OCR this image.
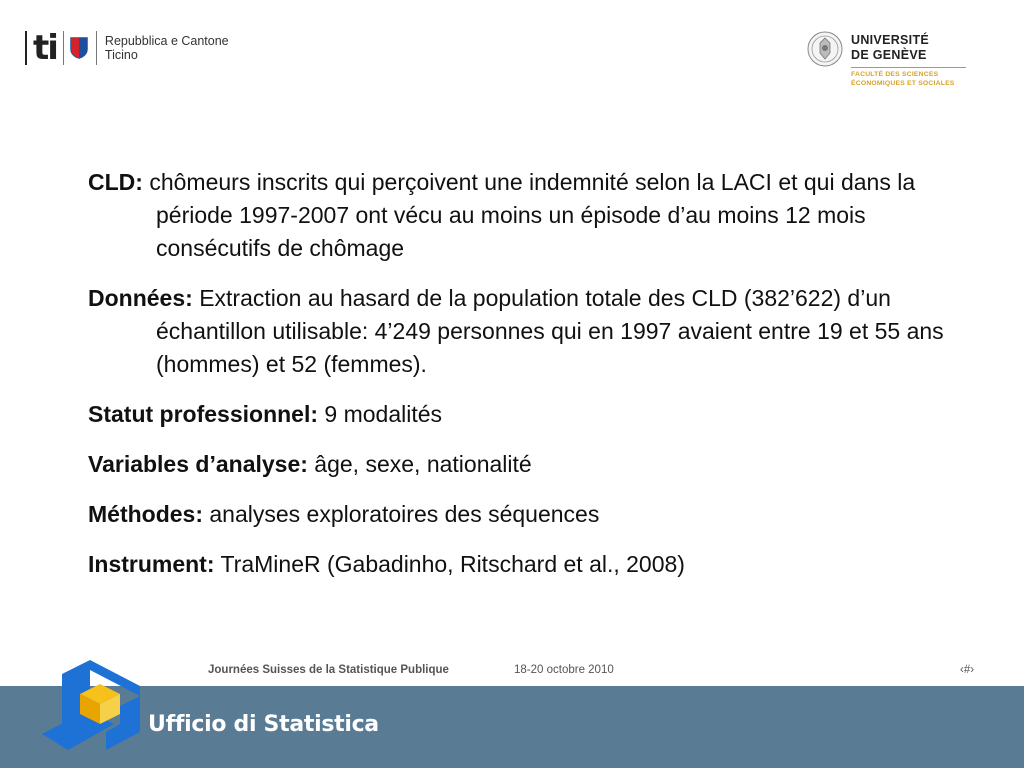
ti	Repubblica e Cantone
Ticino
UNIVERSITÉ
DE GENÈVE
FACULTÉ DES SCIENCES
ÉCONOMIQUES ET SOCIALES

CLD: chômeurs inscrits qui perçoivent une indemnité selon la LACI et qui dans la période 1997-2007 ont vécu au moins un épisode d’au moins 12 mois consécutifs de chômage

Données: Extraction au hasard de la population totale des CLD (382’622) d’un échantillon utilisable: 4’249 personnes qui en 1997 avaient entre 19 et 55 ans (hommes) et 52 (femmes).

Statut professionnel: 9 modalités

Variables d’analyse: âge, sexe, nationalité

Méthodes: analyses exploratoires des séquences

Instrument: TraMineR (Gabadinho, Ritschard et al., 2008)

Journées Suisses de la Statistique Publique	18-20 octobre 2010	‹#›
Ufficio di Statistica
